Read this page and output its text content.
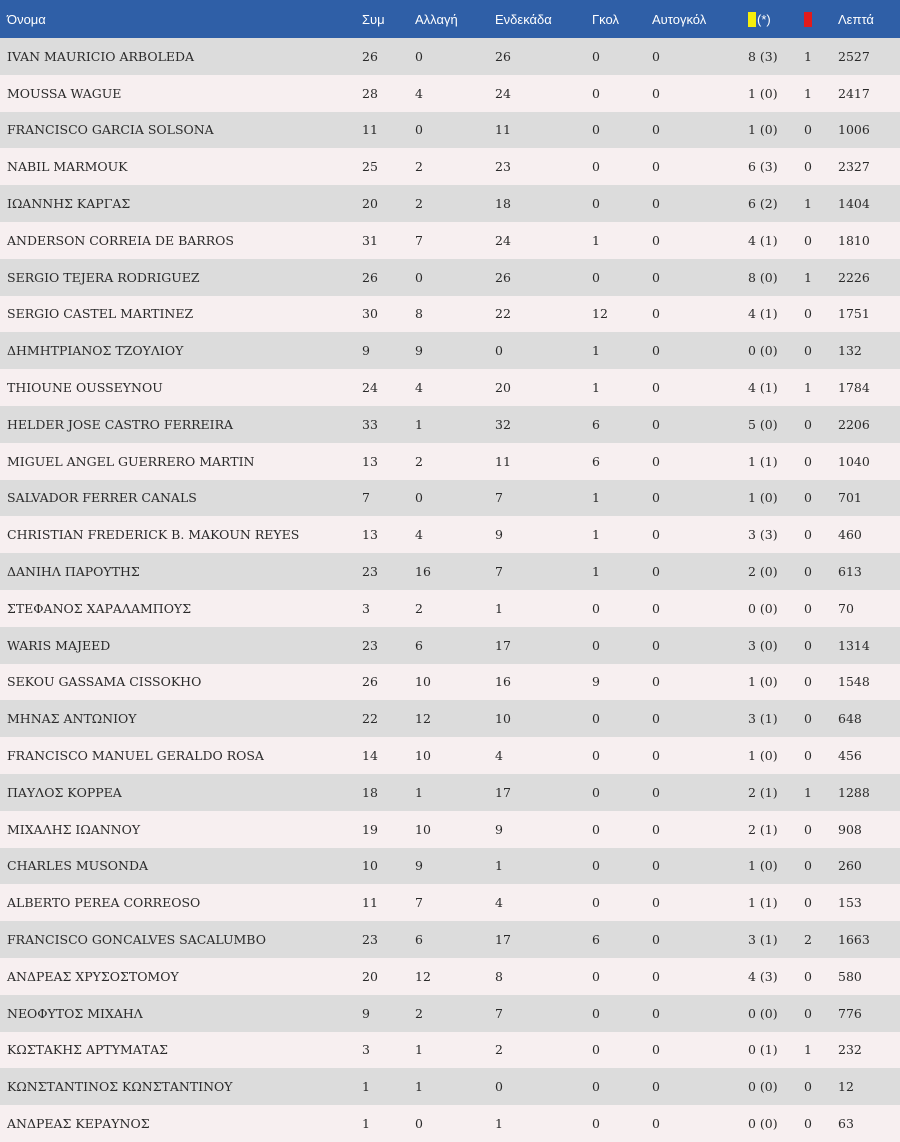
Όνομα	Συμ	Αλλαγή	Ενδεκάδα	Γκολ	Αυτογκόλ	(*)		Λεπτά
IVAN MAURICIO ARBOLEDA	26	0	26	0	0	8 (3)	1	2527
MOUSSA WAGUE	28	4	24	0	0	1 (0)	1	2417
FRANCISCO GARCIA SOLSONA	11	0	11	0	0	1 (0)	0	1006
NABIL MARMOUK	25	2	23	0	0	6 (3)	0	2327
ΙΩΑΝΝΗΣ ΚΑΡΓΑΣ	20	2	18	0	0	6 (2)	1	1404
ANDERSON CORREIA DE BARROS	31	7	24	1	0	4 (1)	0	1810
SERGIO TEJERA RODRIGUEZ	26	0	26	0	0	8 (0)	1	2226
SERGIO CASTEL MARTINEZ	30	8	22	12	0	4 (1)	0	1751
ΔΗΜΗΤΡΙΑΝΟΣ ΤΖΟΥΛΙΟΥ	9	9	0	1	0	0 (0)	0	132
THIOUNE OUSSEYNOU	24	4	20	1	0	4 (1)	1	1784
HELDER JOSE CASTRO FERREIRA	33	1	32	6	0	5 (0)	0	2206
MIGUEL ANGEL GUERRERO MARTIN	13	2	11	6	0	1 (1)	0	1040
SALVADOR FERRER CANALS	7	0	7	1	0	1 (0)	0	701
CHRISTIAN FREDERICK B. MAKOUN REYES	13	4	9	1	0	3 (3)	0	460
ΔΑΝΙΗΛ ΠΑΡΟΥΤΗΣ	23	16	7	1	0	2 (0)	0	613
ΣΤΕΦΑΝΟΣ ΧΑΡΑΛΑΜΠΟΥΣ	3	2	1	0	0	0 (0)	0	70
WARIS MAJEED	23	6	17	0	0	3 (0)	0	1314
SEKOU GASSAMA CISSOKHO	26	10	16	9	0	1 (0)	0	1548
ΜΗΝΑΣ ΑΝΤΩΝΙΟΥ	22	12	10	0	0	3 (1)	0	648
FRANCISCO MANUEL GERALDO ROSA	14	10	4	0	0	1 (0)	0	456
ΠΑΥΛΟΣ ΚΟΡΡΕΑ	18	1	17	0	0	2 (1)	1	1288
ΜΙΧΑΛΗΣ ΙΩΑΝΝΟΥ	19	10	9	0	0	2 (1)	0	908
CHARLES MUSONDA	10	9	1	0	0	1 (0)	0	260
ALBERTO PEREA CORREOSO	11	7	4	0	0	1 (1)	0	153
FRANCISCO GONCALVES SACALUMBO	23	6	17	6	0	3 (1)	2	1663
ΑΝΔΡΕΑΣ ΧΡΥΣΟΣΤΟΜΟΥ	20	12	8	0	0	4 (3)	0	580
ΝΕΟΦΥΤΟΣ ΜΙΧΑΗΛ	9	2	7	0	0	0 (0)	0	776
ΚΩΣΤΑΚΗΣ ΑΡΤΥΜΑΤΑΣ	3	1	2	0	0	0 (1)	1	232
ΚΩΝΣΤΑΝΤΙΝΟΣ ΚΩΝΣΤΑΝΤΙΝΟΥ	1	1	0	0	0	0 (0)	0	12
ΑΝΔΡΕΑΣ ΚΕΡΑΥΝΟΣ	1	0	1	0	0	0 (0)	0	63
